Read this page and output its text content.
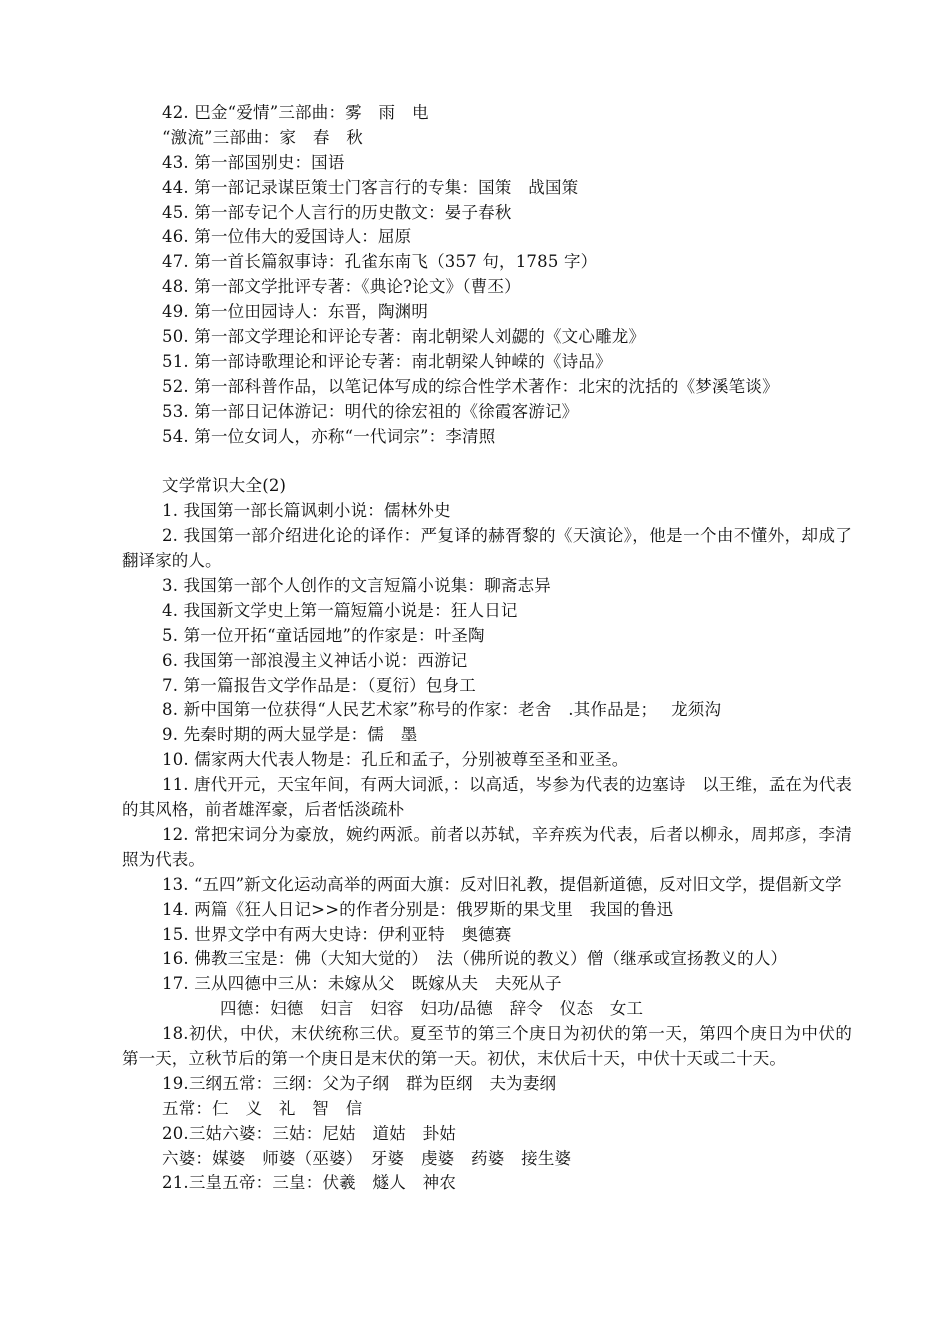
42. 巴金“爱情”三部曲：雾　雨　电
“激流”三部曲：家　春　秋
43. 第一部国别史：国语
44. 第一部记录谋臣策士门客言行的专集：国策　战国策
45. 第一部专记个人言行的历史散文：晏子春秋
46. 第一位伟大的爱国诗人：屈原
47. 第一首长篇叙事诗：孔雀东南飞（357 句，1785 字）
48. 第一部文学批评专著：《典论?论文》（曹丕）
49. 第一位田园诗人：东晋，陶渊明
50. 第一部文学理论和评论专著：南北朝梁人刘勰的《文心雕龙》
51. 第一部诗歌理论和评论专著：南北朝梁人钟嵘的《诗品》
52. 第一部科普作品，以笔记体写成的综合性学术著作：北宋的沈括的《梦溪笔谈》
53. 第一部日记体游记：明代的徐宏祖的《徐霞客游记》
54. 第一位女词人，亦称“一代词宗”：李清照
文学常识大全(2)
1. 我国第一部长篇讽刺小说：儒林外史
2. 我国第一部介绍进化论的译作：严复译的赫胥黎的《天演论》，他是一个由不懂外，却成了翻译家的人。
3. 我国第一部个人创作的文言短篇小说集：聊斋志异
4. 我国新文学史上第一篇短篇小说是：狂人日记
5. 第一位开拓“童话园地”的作家是：叶圣陶
6. 我国第一部浪漫主义神话小说：西游记
7. 第一篇报告文学作品是：（夏衍）包身工
8. 新中国第一位获得“人民艺术家”称号的作家：老舍　.其作品是；　 龙须沟
9. 先秦时期的两大显学是：儒　墨
10. 儒家两大代表人物是：孔丘和孟子，分别被尊至圣和亚圣。
11. 唐代开元，天宝年间，有两大词派，：以高适，岑参为代表的边塞诗　以王维，孟在为代表的其风格，前者雄浑豪，后者恬淡疏朴
12. 常把宋词分为豪放，婉约两派。前者以苏轼，辛弃疾为代表，后者以柳永，周邦彦，李清照为代表。
13. “五四”新文化运动高举的两面大旗：反对旧礼教，提倡新道德，反对旧文学，提倡新文学
14. 两篇《狂人日记>>的作者分别是：俄罗斯的果戈里　我国的鲁迅
15. 世界文学中有两大史诗：伊利亚特　奥德赛
16. 佛教三宝是：佛（大知大觉的）　法（佛所说的教义）僧（继承或宣扬教义的人）
17. 三从四德中三从：未嫁从父　既嫁从夫　夫死从子
四德：妇德　妇言　妇容　妇功/品德　辞令　仪态　女工
18.初伏，中伏，末伏统称三伏。夏至节的第三个庚日为初伏的第一天，第四个庚日为中伏的第一天，立秋节后的第一个庚日是末伏的第一天。初伏，末伏后十天，中伏十天或二十天。
19.三纲五常：三纲：父为子纲　群为臣纲　夫为妻纲
五常：仁　义　礼　智　信
20.三姑六婆：三姑：尼姑　道姑　卦姑
六婆：媒婆　师婆（巫婆）　牙婆　虔婆　药婆　接生婆
21.三皇五帝：三皇：伏羲　燧人　神农
